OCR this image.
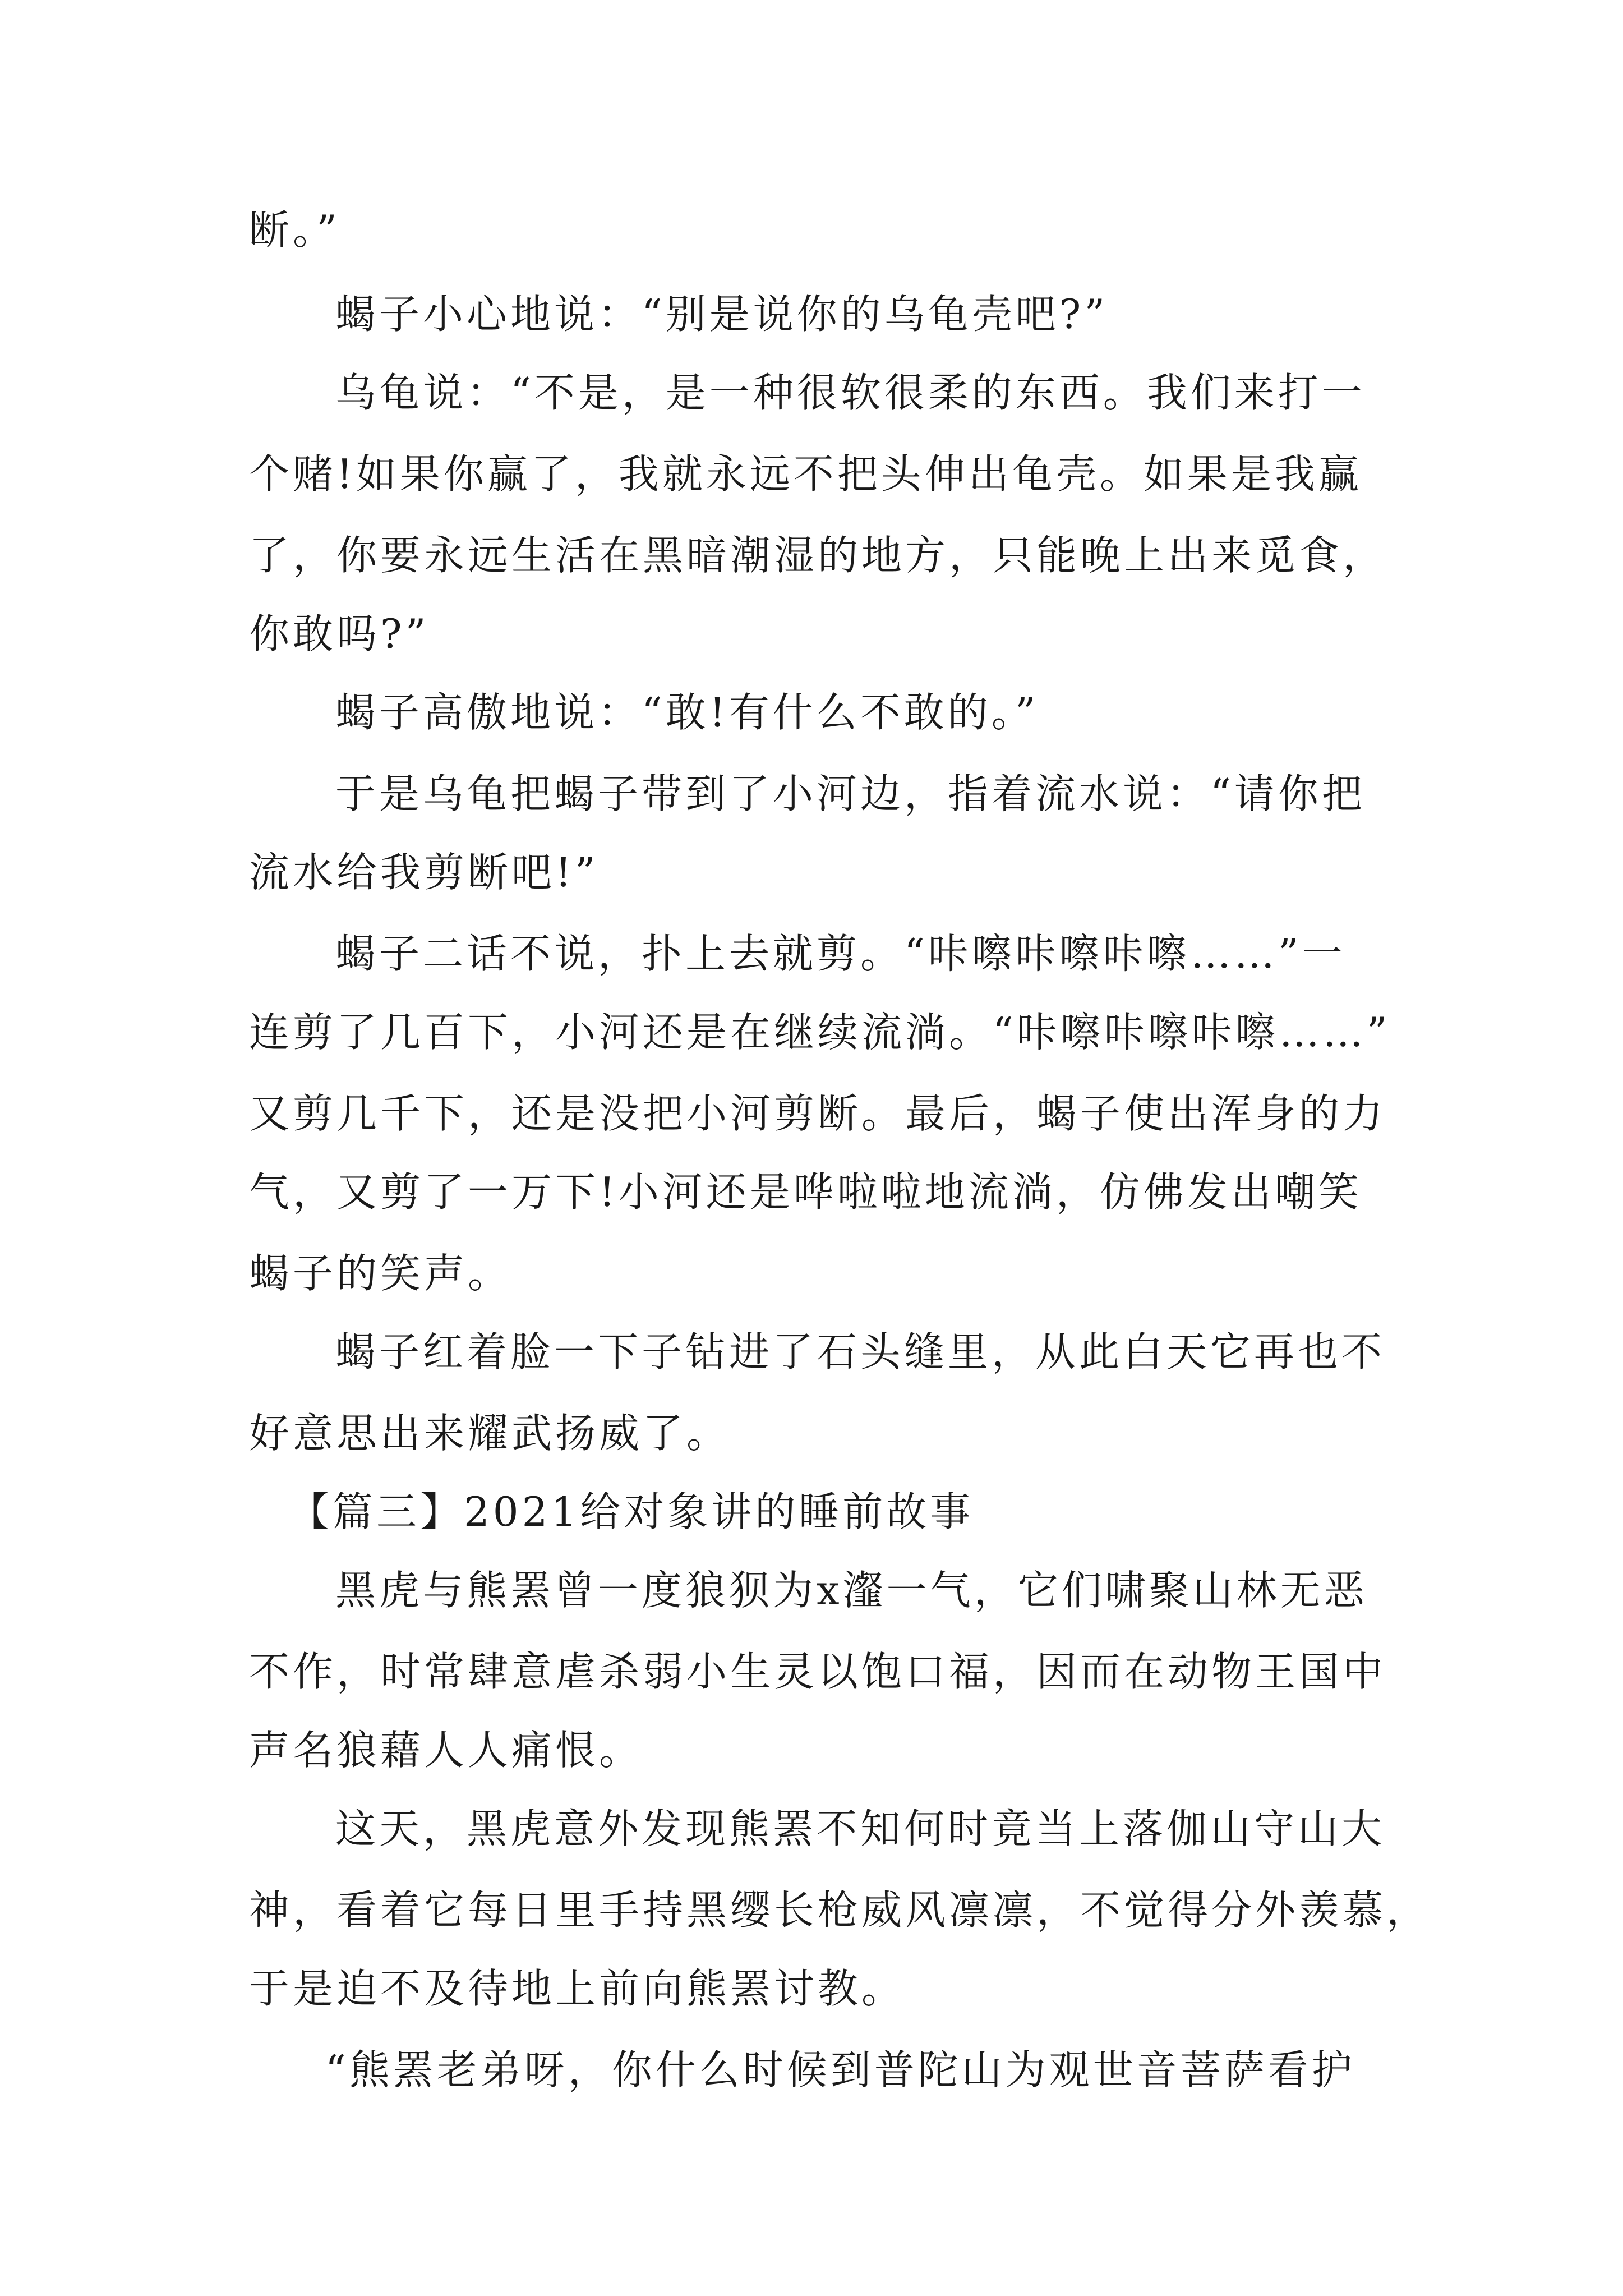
断。”
蝎子小心地说：“别是说你的乌龟壳吧?”
乌龟说：“不是，是一种很软很柔的东西。我们来打一
个赌!如果你赢了，我就永远不把头伸出龟壳。如果是我赢
了，你要永远生活在黑暗潮湿的地方，只能晚上出来觅食，
你敢吗?”
蝎子高傲地说：“敢!有什么不敢的。”
于是乌龟把蝎子带到了小河边，指着流水说：“请你把
流水给我剪断吧!”
蝎子二话不说，扑上去就剪。“咔嚓咔嚓咔嚓……”一
连剪了几百下，小河还是在继续流淌。“咔嚓咔嚓咔嚓……”
又剪几千下，还是没把小河剪断。最后，蝎子使出浑身的力
气，又剪了一万下!小河还是哗啦啦地流淌，仿佛发出嘲笑
蝎子的笑声。
蝎子红着脸一下子钻进了石头缝里，从此白天它再也不
好意思出来耀武扬威了。
【篇三】2021给对象讲的睡前故事
黑虎与熊罴曾一度狼狈为x瀣一气，它们啸聚山林无恶
不作，时常肆意虐杀弱小生灵以饱口福，因而在动物王国中
声名狼藉人人痛恨。
这天，黑虎意外发现熊罴不知何时竟当上落伽山守山大
神，看着它每日里手持黑缨长枪威风凛凛，不觉得分外羡慕，
于是迫不及待地上前向熊罴讨教。
“熊罴老弟呀，你什么时候到普陀山为观世音菩萨看护
